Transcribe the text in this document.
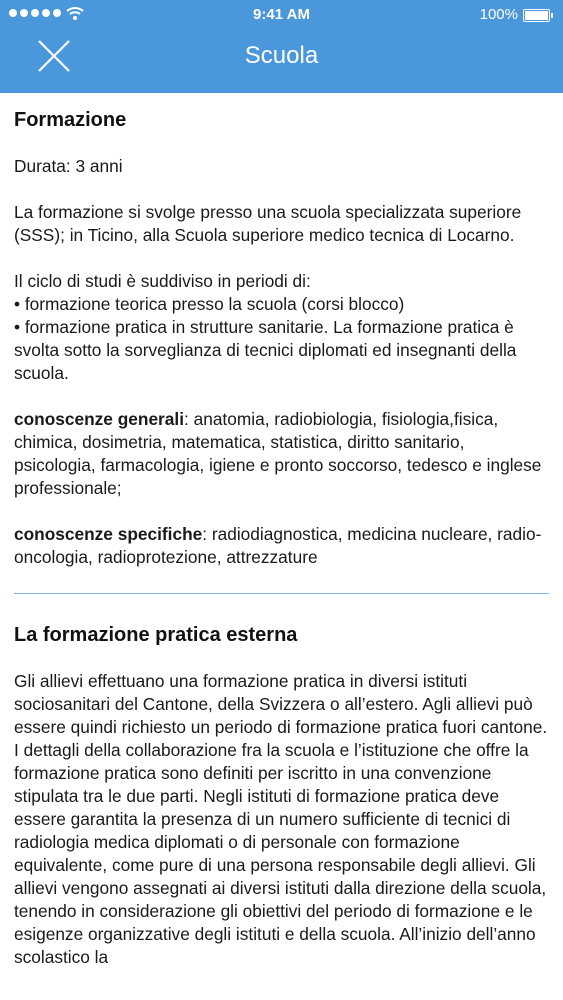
9:41 AM	100%
Scuola
Formazione

Durata: 3 anni

La formazione si svolge presso una scuola specializzata superiore (SSS); in Ticino, alla Scuola superiore medico tecnica di Locarno.

Il ciclo di studi è suddiviso in periodi di:

• formazione teorica presso la scuola (corsi blocco)

• formazione pratica in strutture sanitarie. La formazione pratica è svolta sotto la sorveglianza di tecnici diplomati ed insegnanti della scuola.

conoscenze generali: anatomia, radiobiologia, fisiologia,fisica, chimica, dosimetria, matematica, statistica, diritto sanitario, psicologia, farmacologia, igiene e pronto soccorso, tedesco e inglese professionale;

conoscenze specifiche: radiodiagnostica, medicina nucleare, radio-oncologia, radioprotezione, attrezzature

La formazione pratica esterna

Gli allievi effettuano una formazione pratica in diversi istituti sociosanitari del Cantone, della Svizzera o all’estero. Agli allievi può essere quindi richiesto un periodo di formazione pratica fuori cantone. I dettagli della collaborazione fra la scuola e l’istituzione che offre la formazione pratica sono definiti per iscritto in una convenzione stipulata tra le due parti. Negli istituti di formazione pratica deve essere garantita la presenza di un numero sufficiente di tecnici di radiologia medica diplomati o di personale con formazione equivalente, come pure di una persona responsabile degli allievi. Gli allievi vengono assegnati ai diversi istituti dalla direzione della scuola, tenendo in considerazione gli obiettivi del periodo di formazione e le esigenze organizzative degli istituti e della scuola. All’inizio dell’anno scolastico la
